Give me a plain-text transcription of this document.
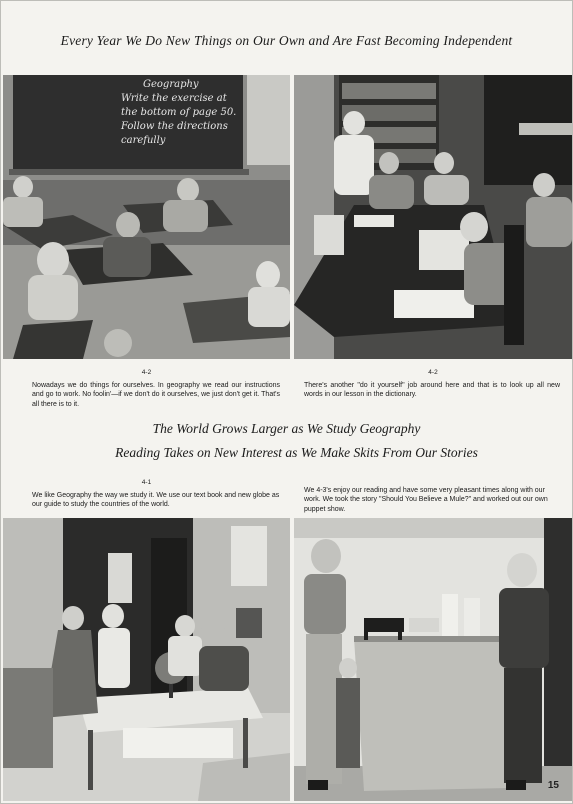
Every Year We Do New Things on Our Own and Are Fast Becoming Independent
Geography
Write the exercise at
the bottom of page 50.
Follow the directions
carefully
4-2
Nowadays we do things for ourselves. In geography we read our instructions and go to work. No foolin'—if we don't do it ourselves, we just don't get it. That's all there is to it.
4-2
There's another "do it yourself" job around here and that is to look up all new words in our lesson in the dictionary.
The World Grows Larger as We Study Geography
Reading Takes on New Interest as We Make Skits From Our Stories
4-1
We like Geography the way we study it. We use our text book and new globe as our guide to study the countries of the world.
We 4-3's enjoy our reading and have some very pleasant times along with our work. We took the story "Should You Believe a Mule?" and worked out our own puppet show.
15
